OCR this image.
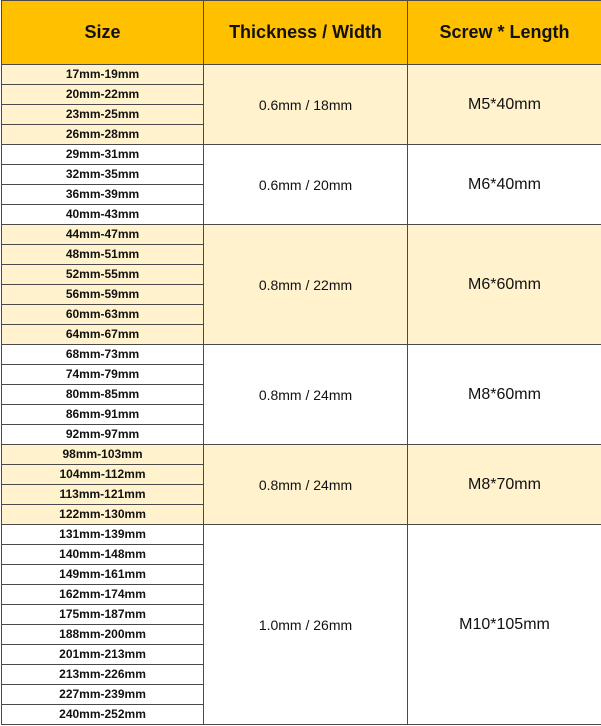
Size	Thickness / Width	Screw * Length
17mm-19mm	0.6mm / 18mm	M5*40mm
20mm-22mm		
23mm-25mm		
26mm-28mm		
29mm-31mm	0.6mm / 20mm	M6*40mm
32mm-35mm		
36mm-39mm		
40mm-43mm		
44mm-47mm	0.8mm / 22mm	M6*60mm
48mm-51mm		
52mm-55mm		
56mm-59mm		
60mm-63mm		
64mm-67mm		
68mm-73mm	0.8mm / 24mm	M8*60mm
74mm-79mm		
80mm-85mm		
86mm-91mm		
92mm-97mm		
98mm-103mm	0.8mm / 24mm	M8*70mm
104mm-112mm		
113mm-121mm		
122mm-130mm		
131mm-139mm	1.0mm / 26mm	M10*105mm
140mm-148mm		
149mm-161mm		
162mm-174mm		
175mm-187mm		
188mm-200mm		
201mm-213mm		
213mm-226mm		
227mm-239mm		
240mm-252mm		
